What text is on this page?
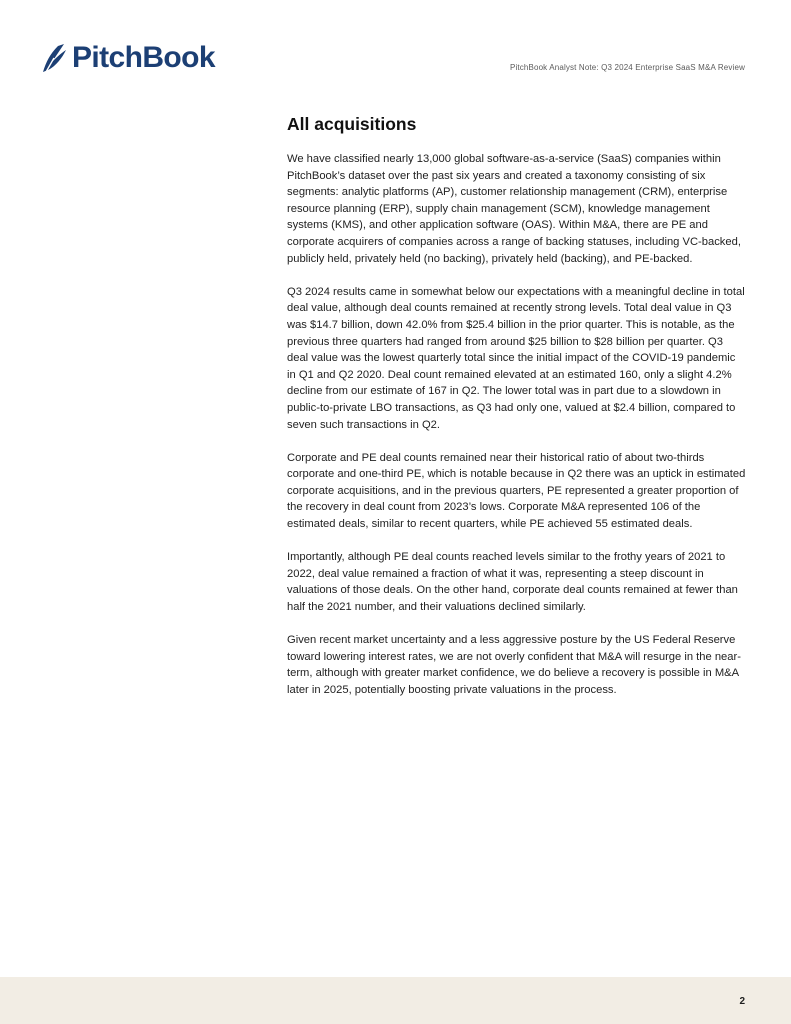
PitchBook	PitchBook Analyst Note: Q3 2024 Enterprise SaaS M&A Review
All acquisitions

We have classified nearly 13,000 global software-as-a-service (SaaS) companies within PitchBook’s dataset over the past six years and created a taxonomy consisting of six segments: analytic platforms (AP), customer relationship management (CRM), enterprise resource planning (ERP), supply chain management (SCM), knowledge management systems (KMS), and other application software (OAS). Within M&A, there are PE and corporate acquirers of companies across a range of backing statuses, including VC-backed, publicly held, privately held (no backing), privately held (backing), and PE-backed.

Q3 2024 results came in somewhat below our expectations with a meaningful decline in total deal value, although deal counts remained at recently strong levels. Total deal value in Q3 was $14.7 billion, down 42.0% from $25.4 billion in the prior quarter. This is notable, as the previous three quarters had ranged from around $25 billion to $28 billion per quarter. Q3 deal value was the lowest quarterly total since the initial impact of the COVID-19 pandemic in Q1 and Q2 2020. Deal count remained elevated at an estimated 160, only a slight 4.2% decline from our estimate of 167 in Q2. The lower total was in part due to a slowdown in public-to-private LBO transactions, as Q3 had only one, valued at $2.4 billion, compared to seven such transactions in Q2.

Corporate and PE deal counts remained near their historical ratio of about two-thirds corporate and one-third PE, which is notable because in Q2 there was an uptick in estimated corporate acquisitions, and in the previous quarters, PE represented a greater proportion of the recovery in deal count from 2023’s lows. Corporate M&A represented 106 of the estimated deals, similar to recent quarters, while PE achieved 55 estimated deals.

Importantly, although PE deal counts reached levels similar to the frothy years of 2021 to 2022, deal value remained a fraction of what it was, representing a steep discount in valuations of those deals. On the other hand, corporate deal counts remained at fewer than half the 2021 number, and their valuations declined similarly.

Given recent market uncertainty and a less aggressive posture by the US Federal Reserve toward lowering interest rates, we are not overly confident that M&A will resurge in the near-term, although with greater market confidence, we do believe a recovery is possible in M&A later in 2025, potentially boosting private valuations in the process.

2
